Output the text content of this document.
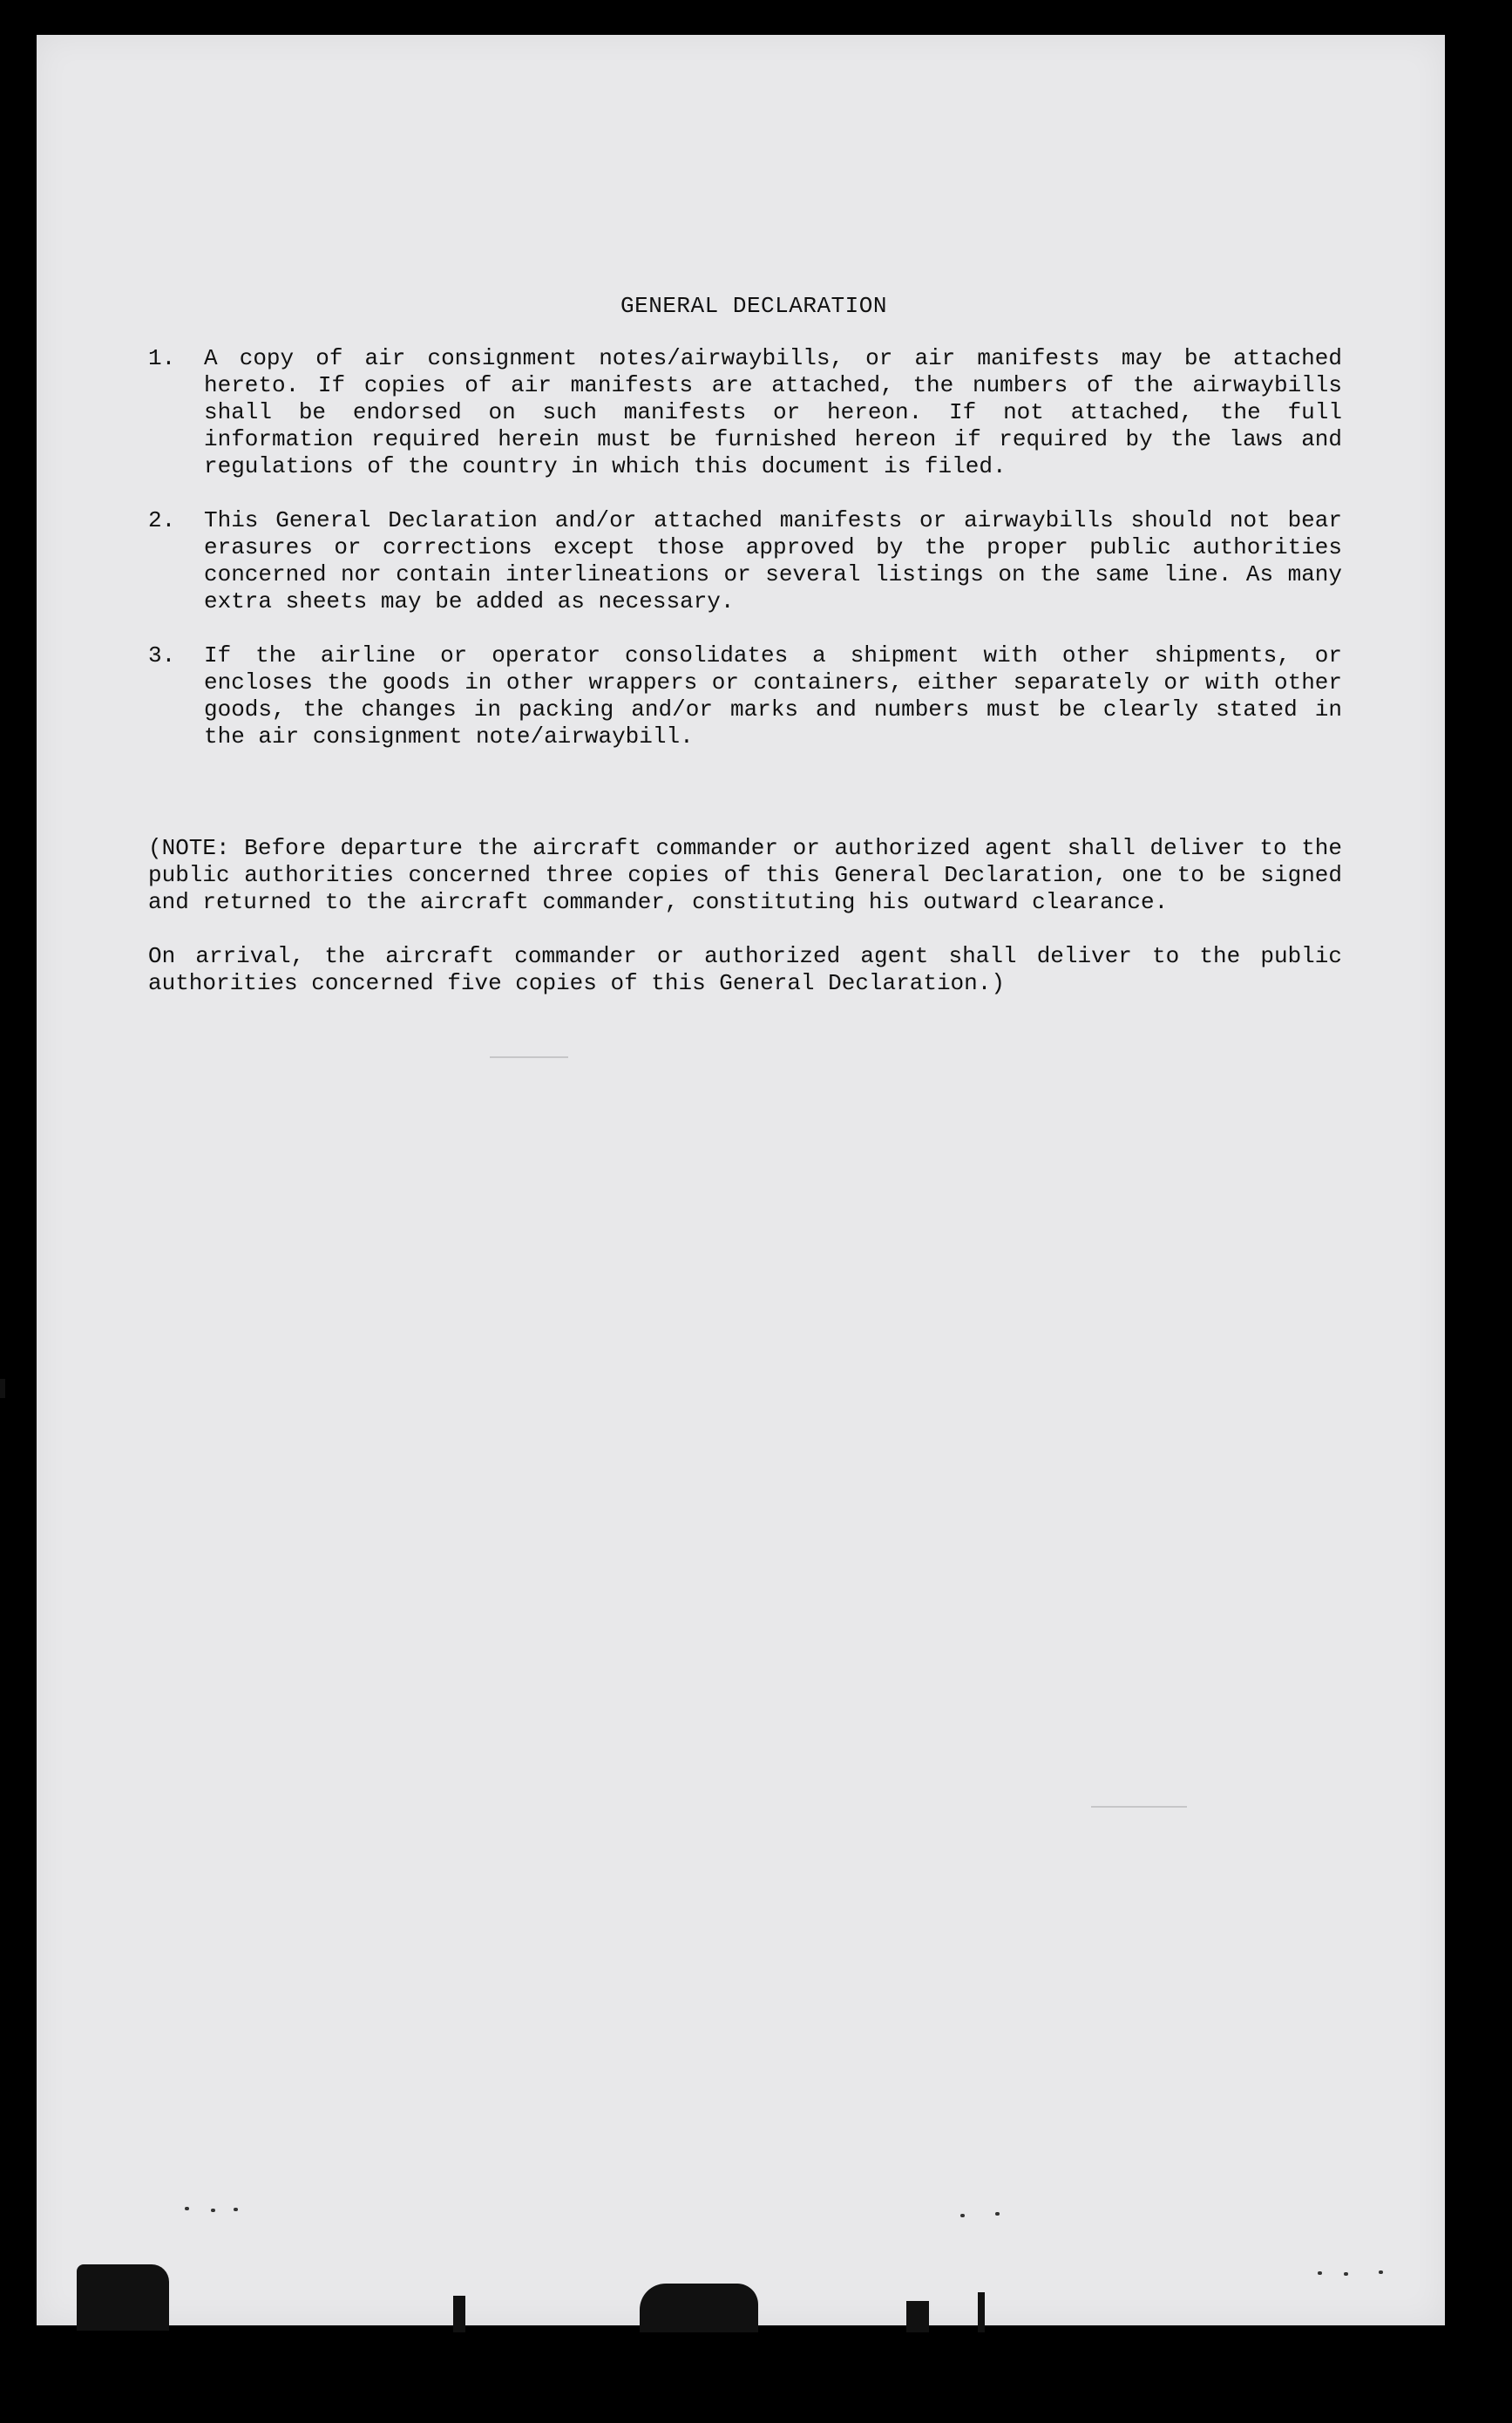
GENERAL DECLARATION
1.	A copy of air consignment notes/airwaybills, or air manifests may be attached hereto. If copies of air manifests are attached, the numbers of the airwaybills shall be endorsed on such manifests or hereon. If not attached, the full information required herein must be furnished hereon if required by the laws and regulations of the country in which this document is filed.
2.	This General Declaration and/or attached manifests or airwaybills should not bear erasures or corrections except those approved by the proper public authorities concerned nor contain interlineations or several listings on the same line. As many extra sheets may be added as necessary.
3.	If the airline or operator consolidates a shipment with other shipments, or encloses the goods in other wrappers or containers, either separately or with other goods, the changes in packing and/or marks and numbers must be clearly stated in the air consignment note/airwaybill.

(NOTE: Before departure the aircraft commander or authorized agent shall deliver to the public authorities concerned three copies of this General Declaration, one to be signed and returned to the aircraft commander, constituting his outward clearance.

On arrival, the aircraft commander or authorized agent shall deliver to the public authorities concerned five copies of this General Declaration.)
